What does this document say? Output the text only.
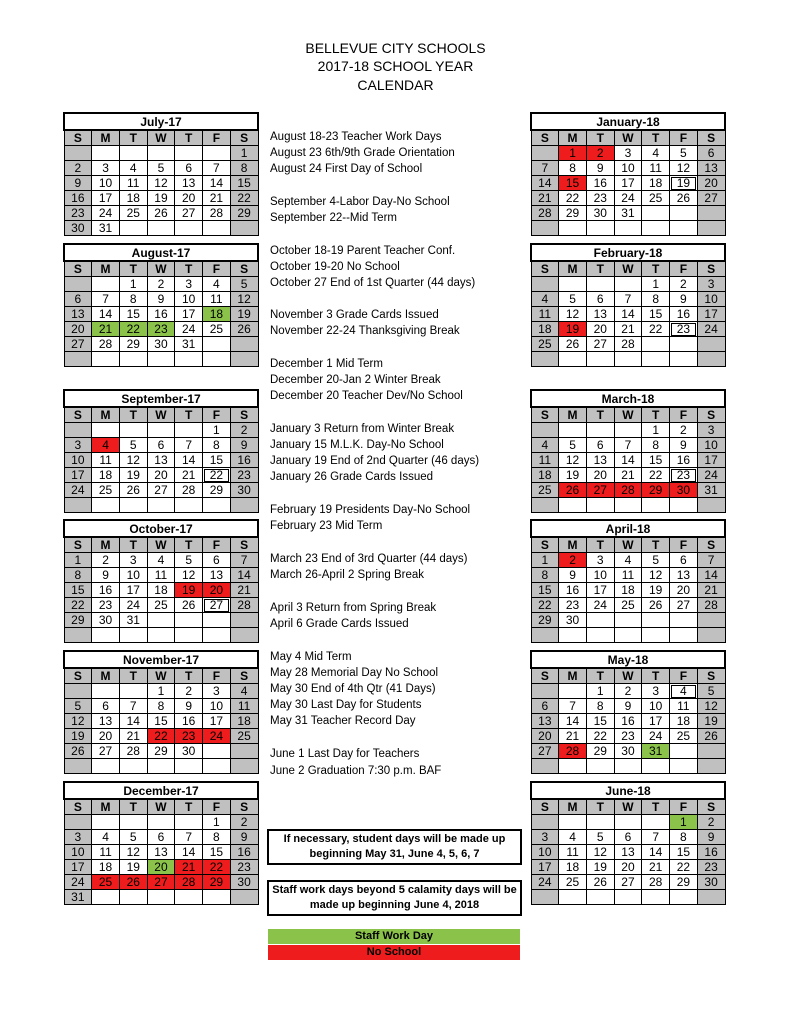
BELLEVUE CITY SCHOOLS
2017-18 SCHOOL YEAR
CALENDAR
July-17						
S	M	T	W	T	F	S
						1
2	3	4	5	6	7	8
9	10	11	12	13	14	15
16	17	18	19	20	21	22
23	24	25	26	27	28	29
30	31					
August-17						
S	M	T	W	T	F	S
		1	2	3	4	5
6	7	8	9	10	11	12
13	14	15	16	17	18	19
20	21	22	23	24	25	26
27	28	29	30	31		

September-17						
S	M	T	W	T	F	S
					1	2
3	4	5	6	7	8	9
10	11	12	13	14	15	16
17	18	19	20	21	22	23
24	25	26	27	28	29	30

October-17						
S	M	T	W	T	F	S
1	2	3	4	5	6	7
8	9	10	11	12	13	14
15	16	17	18	19	20	21
22	23	24	25	26	27	28
29	30	31				

November-17						
S	M	T	W	T	F	S
			1	2	3	4
5	6	7	8	9	10	11
12	13	14	15	16	17	18
19	20	21	22	23	24	25
26	27	28	29	30		

December-17						
S	M	T	W	T	F	S
					1	2
3	4	5	6	7	8	9
10	11	12	13	14	15	16
17	18	19	20	21	22	23
24	25	26	27	28	29	30
31						
January-18						
S	M	T	W	T	F	S
	1	2	3	4	5	6
7	8	9	10	11	12	13
14	15	16	17	18	19	20
21	22	23	24	25	26	27
28	29	30	31			

February-18						
S	M	T	W	T	F	S
				1	2	3
4	5	6	7	8	9	10
11	12	13	14	15	16	17
18	19	20	21	22	23	24
25	26	27	28			

March-18						
S	M	T	W	T	F	S
				1	2	3
4	5	6	7	8	9	10
11	12	13	14	15	16	17
18	19	20	21	22	23	24
25	26	27	28	29	30	31

April-18						
S	M	T	W	T	F	S
1	2	3	4	5	6	7
8	9	10	11	12	13	14
15	16	17	18	19	20	21
22	23	24	25	26	27	28
29	30					

May-18						
S	M	T	W	T	F	S
		1	2	3	4	5
6	7	8	9	10	11	12
13	14	15	16	17	18	19
20	21	22	23	24	25	26
27	28	29	30	31		

June-18						
S	M	T	W	T	F	S
					1	2
3	4	5	6	7	8	9
10	11	12	13	14	15	16
17	18	19	20	21	22	23
24	25	26	27	28	29	30

August 18-23 Teacher Work Days
August 23 6th/9th Grade Orientation
August 24 First Day of School
September 4-Labor Day-No School
September 22--Mid Term
October 18-19 Parent Teacher Conf.
October 19-20 No School
October 27 End of 1st Quarter (44 days)
November 3 Grade Cards Issued
November 22-24 Thanksgiving Break
December 1 Mid Term
December 20-Jan 2 Winter Break
December 20 Teacher Dev/No School
January 3 Return from Winter Break
January 15 M.L.K. Day-No School
January 19 End of 2nd Quarter (46 days)
January 26 Grade Cards Issued
February 19 Presidents Day-No School
February 23 Mid Term
March 23 End of 3rd Quarter (44 days)
March 26-April 2 Spring Break
April 3 Return from Spring Break
April 6 Grade Cards Issued
May 4 Mid Term
May 28 Memorial Day No School
May 30 End of 4th Qtr (41 Days)
May 30 Last Day for Students
May 31 Teacher Record Day
June 1 Last Day for Teachers
June 2 Graduation 7:30 p.m. BAF
If necessary, student days will be made up beginning May 31, June 4, 5, 6, 7
Staff work days beyond 5 calamity days will be made up beginning June 4, 2018
Staff Work Day
No School
